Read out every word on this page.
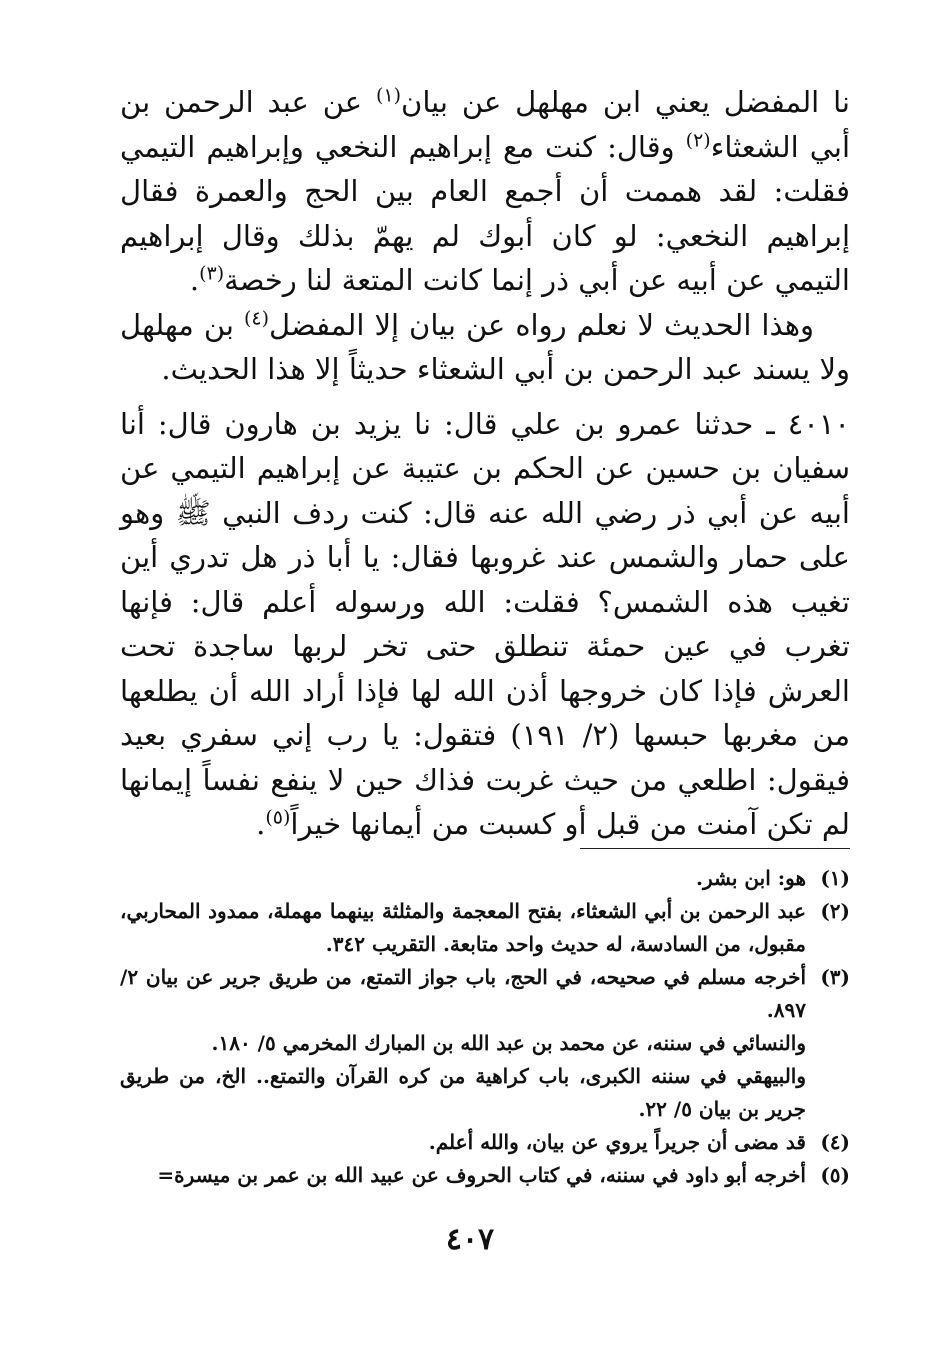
نا المفضل يعني ابن مهلهل عن بيان$^{(١)}$ عن عبد الرحمن بن أبي الشعثاء$^{(٢)}$ وقال: كنت مع إبراهيم النخعي وإبراهيم التيمي فقلت: لقد هممت أن أجمع العام بين الحج والعمرة فقال إبراهيم النخعي: لو كان أبوك لم يهمّ بذلك وقال إبراهيم التيمي عن أبيه عن أبي ذر إنما كانت المتعة لنا رخصة$^{(٣)}$.

وهذا الحديث لا نعلم رواه عن بيان إلا المفضل$^{(٤)}$ بن مهلهل ولا يسند عبد الرحمن بن أبي الشعثاء حديثاً إلا هذا الحديث.

٤٠١٠ ـ حدثنا عمرو بن علي قال: نا يزيد بن هارون قال: أنا سفيان بن حسين عن الحكم بن عتيبة عن إبراهيم التيمي عن أبيه عن أبي ذر رضي الله عنه قال: كنت ردف النبي ﷺ وهو على حمار والشمس عند غروبها فقال: يا أبا ذر هل تدري أين تغيب هذه الشمس؟ فقلت: الله ورسوله أعلم قال: فإنها تغرب في عين حمئة تنطلق حتى تخر لربها ساجدة تحت العرش فإذا كان خروجها أذن الله لها فإذا أراد الله أن يطلعها من مغربها حبسها (٢/ ١٩١) فتقول: يا رب إني سفري بعيد فيقول: اطلعي من حيث غربت فذاك حين لا ينفع نفساً إيمانها لم تكن آمنت من قبل أو كسبت من أيمانها خيراً$^{(٥)}$.

(١)

هو: ابن بشر.

(٢)

عبد الرحمن بن أبي الشعثاء، بفتح المعجمة والمثلثة بينهما مهملة، ممدود المحاربي، مقبول، من السادسة، له حديث واحد متابعة. التقريب ٣٤٢.

(٣)

أخرجه مسلم في صحيحه، في الحج، باب جواز التمتع، من طريق جرير عن بيان ٢/ ٨٩٧.

والنسائي في سننه، عن محمد بن عبد الله بن المبارك المخرمي ٥/ ١٨٠.

والبيهقي في سننه الكبرى، باب كراهية من كره القرآن والتمتع.. الخ، من طريق جرير بن بيان ٥/ ٢٢.

(٤)

قد مضى أن جريراً يروي عن بيان، والله أعلم.

(٥)

أخرجه أبو داود في سننه، في كتاب الحروف عن عبيد الله بن عمر بن ميسرة=

٤٠٧
